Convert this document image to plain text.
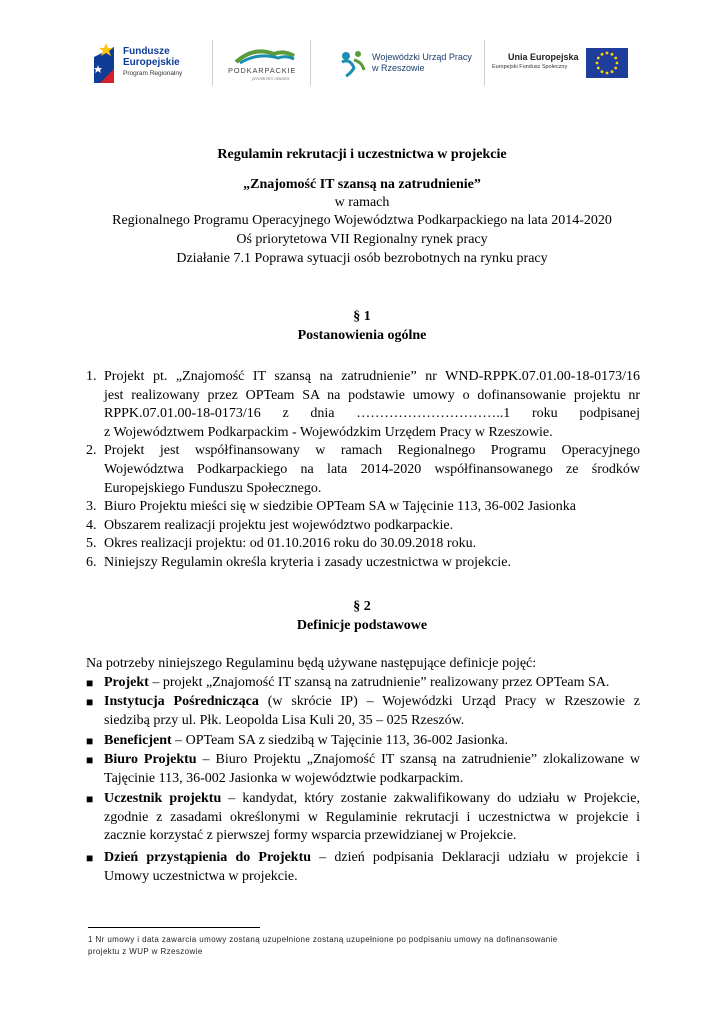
Fundusze
Europejskie
Program Regionalny	PODKARPACKIE
przestrzeń otwarta
Wojewódzki Urząd Pracy
w Rzeszowie
Unia Europejska
Europejski Fundusz Społeczny
Regulamin rekrutacji i uczestnictwa w projekcie
„Znajomość IT szansą na zatrudnienie”
w ramach
Regionalnego Programu Operacyjnego Województwa Podkarpackiego na lata 2014-2020
Oś priorytetowa VII Regionalny rynek pracy
Działanie 7.1 Poprawa sytuacji osób bezrobotnych na rynku pracy
§ 1
Postanowienia ogólne
1. Projekt pt. „Znajomość IT szansą na zatrudnienie” nr WND-RPPK.07.01.00-18-0173/16
jest realizowany przez OPTeam SA na podstawie umowy o dofinansowanie projektu nr
RPPK.07.01.00-18-0173/16 z dnia …………………………..1 roku podpisanej
z Województwem Podkarpackim - Wojewódzkim Urzędem Pracy w Rzeszowie.
2. Projekt jest współfinansowany w ramach Regionalnego Programu Operacyjnego
Województwa Podkarpackiego na lata 2014-2020 współfinansowanego ze środków
Europejskiego Funduszu Społecznego.
3. Biuro Projektu mieści się w siedzibie OPTeam SA w Tajęcinie 113, 36-002 Jasionka
4. Obszarem realizacji projektu jest województwo podkarpackie.
5. Okres realizacji projektu: od 01.10.2016 roku do 30.09.2018 roku.
6. Niniejszy Regulamin określa kryteria i zasady uczestnictwa w projekcie.
§ 2
Definicje podstawowe
Na potrzeby niniejszego Regulaminu będą używane następujące definicje pojęć:
■ Projekt – projekt „Znajomość IT szansą na zatrudnienie” realizowany przez OPTeam SA.
■ Instytucja Pośrednicząca (w skrócie IP) – Wojewódzki Urząd Pracy w Rzeszowie z
siedzibą przy ul. Płk. Leopolda Lisa Kuli 20, 35 – 025 Rzeszów.
■ Beneficjent – OPTeam SA z siedzibą w Tajęcinie 113, 36-002 Jasionka.
■ Biuro Projektu – Biuro Projektu „Znajomość IT szansą na zatrudnienie” zlokalizowane w
Tajęcinie 113, 36-002 Jasionka w województwie podkarpackim.
■ Uczestnik projektu – kandydat, który zostanie zakwalifikowany do udziału w Projekcie,
zgodnie z zasadami określonymi w Regulaminie rekrutacji i uczestnictwa w projekcie i
zacznie korzystać z pierwszej formy wsparcia przewidzianej w Projekcie.
■ Dzień przystąpienia do Projektu – dzień podpisania Deklaracji udziału w projekcie i
Umowy uczestnictwa w projekcie.
1 Nr umowy i data zawarcia umowy zostaną uzupełnione zostaną uzupełnione po podpisaniu umowy na dofinansowanie
projektu z WUP w Rzeszowie
